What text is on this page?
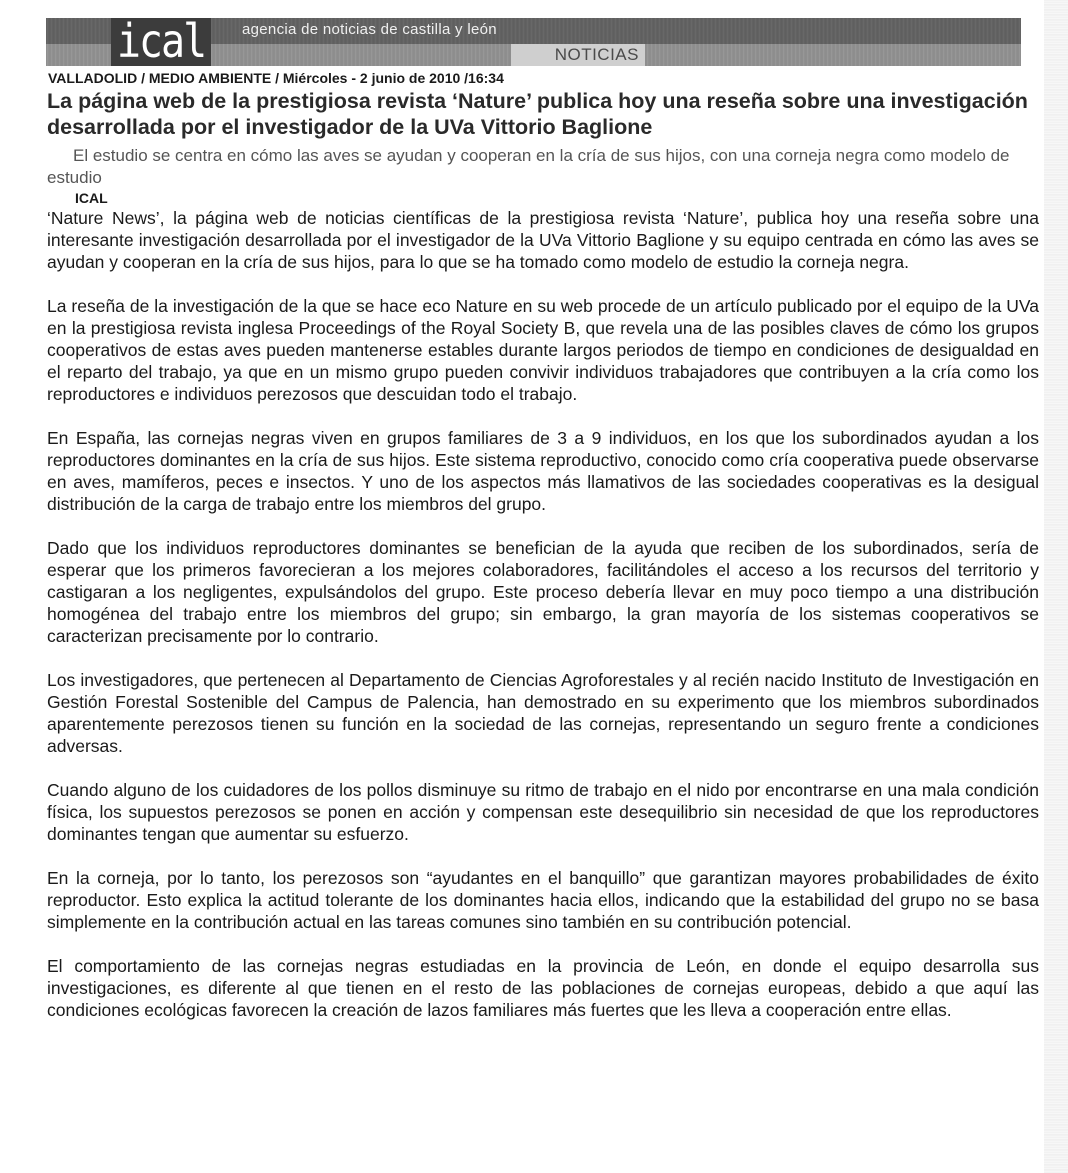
ical agencia de noticias de castilla y león
NOTICIAS
VALLADOLID / MEDIO AMBIENTE / Miércoles - 2 junio de 2010 /16:34
La página web de la prestigiosa revista ‘Nature’ publica hoy una reseña sobre una investigación desarrollada por el investigador de la UVa Vittorio Baglione

El estudio se centra en cómo las aves se ayudan y cooperan en la cría de sus hijos, con una corneja negra como modelo de estudio

ICAL

‘Nature News’, la página web de noticias científicas de la prestigiosa revista ‘Nature’, publica hoy una reseña sobre una interesante investigación desarrollada por el investigador de la UVa Vittorio Baglione y su equipo centrada en cómo las aves se ayudan y cooperan en la cría de sus hijos, para lo que se ha tomado como modelo de estudio la corneja negra.

La reseña de la investigación de la que se hace eco Nature en su web procede de un artículo publicado por el equipo de la UVa en la prestigiosa revista inglesa Proceedings of the Royal Society B, que revela una de las posibles claves de cómo los grupos cooperativos de estas aves pueden mantenerse estables durante largos periodos de tiempo en condiciones de desigualdad en el reparto del trabajo, ya que en un mismo grupo pueden convivir individuos trabajadores que contribuyen a la cría como los reproductores e individuos perezosos que descuidan todo el trabajo.

En España, las cornejas negras viven en grupos familiares de 3 a 9 individuos, en los que los subordinados ayudan a los reproductores dominantes en la cría de sus hijos. Este sistema reproductivo, conocido como cría cooperativa puede observarse en aves, mamíferos, peces e insectos. Y uno de los aspectos más llamativos de las sociedades cooperativas es la desigual distribución de la carga de trabajo entre los miembros del grupo.

Dado que los individuos reproductores dominantes se benefician de la ayuda que reciben de los subordinados, sería de esperar que los primeros favorecieran a los mejores colaboradores, facilitándoles el acceso a los recursos del territorio y castigaran a los negligentes, expulsándolos del grupo. Este proceso debería llevar en muy poco tiempo a una distribución homogénea del trabajo entre los miembros del grupo; sin embargo, la gran mayoría de los sistemas cooperativos se caracterizan precisamente por lo contrario.

Los investigadores, que pertenecen al Departamento de Ciencias Agroforestales y al recién nacido Instituto de Investigación en Gestión Forestal Sostenible del Campus de Palencia, han demostrado en su experimento que los miembros subordinados aparentemente perezosos tienen su función en la sociedad de las cornejas, representando un seguro frente a condiciones adversas.

Cuando alguno de los cuidadores de los pollos disminuye su ritmo de trabajo en el nido por encontrarse en una mala condición física, los supuestos perezosos se ponen en acción y compensan este desequilibrio sin necesidad de que los reproductores dominantes tengan que aumentar su esfuerzo.

En la corneja, por lo tanto, los perezosos son “ayudantes en el banquillo” que garantizan mayores probabilidades de éxito reproductor. Esto explica la actitud tolerante de los dominantes hacia ellos, indicando que la estabilidad del grupo no se basa simplemente en la contribución actual en las tareas comunes sino también en su contribución potencial.

El comportamiento de las cornejas negras estudiadas en la provincia de León, en donde el equipo desarrolla sus investigaciones, es diferente al que tienen en el resto de las poblaciones de cornejas europeas, debido a que aquí las condiciones ecológicas favorecen la creación de lazos familiares más fuertes que les lleva a cooperación entre ellas.
